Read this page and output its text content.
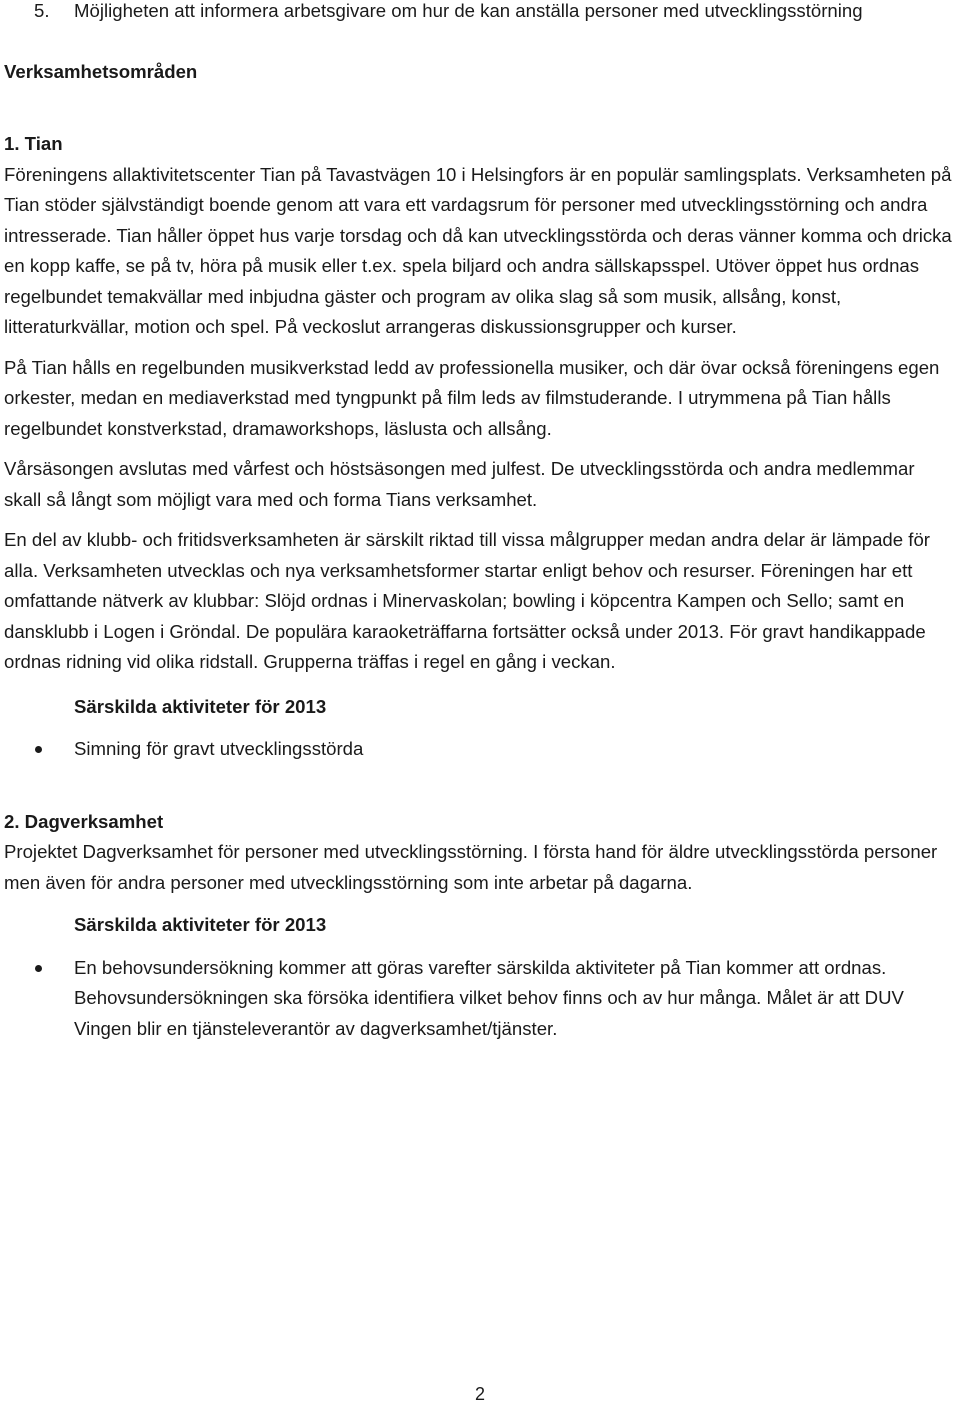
5. Möjligheten att informera arbetsgivare om hur de kan anställa personer med utvecklingsstörning
Verksamhetsområden
1. Tian

Föreningens allaktivitetscenter Tian på Tavastvägen 10 i Helsingfors är en populär samlingsplats. Verksamheten på Tian stöder självständigt boende genom att vara ett vardagsrum för personer med utvecklingsstörning och andra intresserade. Tian håller öppet hus varje torsdag och då kan utvecklingsstörda och deras vänner komma och dricka en kopp kaffe, se på tv, höra på musik eller t.ex. spela biljard och andra sällskapsspel. Utöver öppet hus ordnas regelbundet temakvällar med inbjudna gäster och program av olika slag så som musik, allsång, konst, litteraturkvällar, motion och spel. På veckoslut arrangeras diskussionsgrupper och kurser.

På Tian hålls en regelbunden musikverkstad ledd av professionella musiker, och där övar också föreningens egen orkester, medan en mediaverkstad med tyngpunkt på film leds av filmstuderande. I utrymmena på Tian hålls regelbundet konstverkstad, dramaworkshops, läslusta och allsång.

Vårsäsongen avslutas med vårfest och höstsäsongen med julfest. De utvecklingsstörda och andra medlemmar skall så långt som möjligt vara med och forma Tians verksamhet.

En del av klubb- och fritidsverksamheten är särskilt riktad till vissa målgrupper medan andra delar är lämpade för alla. Verksamheten utvecklas och nya verksamhetsformer startar enligt behov och resurser. Föreningen har ett omfattande nätverk av klubbar: Slöjd ordnas i Minervaskolan; bowling i köpcentra Kampen och Sello; samt en dansklubb i Logen i Gröndal. De populära karaoketräffarna fortsätter också under 2013. För gravt handikappade ordnas ridning vid olika ridstall. Grupperna träffas i regel en gång i veckan.

Särskilda aktiviteter för 2013
Simning för gravt utvecklingsstörda
2. Dagverksamhet

Projektet Dagverksamhet för personer med utvecklingsstörning. I första hand för äldre utvecklingsstörda personer men även för andra personer med utvecklingsstörning som inte arbetar på dagarna.

Särskilda aktiviteter för 2013
En behovsundersökning kommer att göras varefter särskilda aktiviteter på Tian kommer att ordnas. Behovsundersökningen ska försöka identifiera vilket behov finns och av hur många. Målet är att DUV Vingen blir en tjänsteleverantör av dagverksamhet/tjänster.
2
